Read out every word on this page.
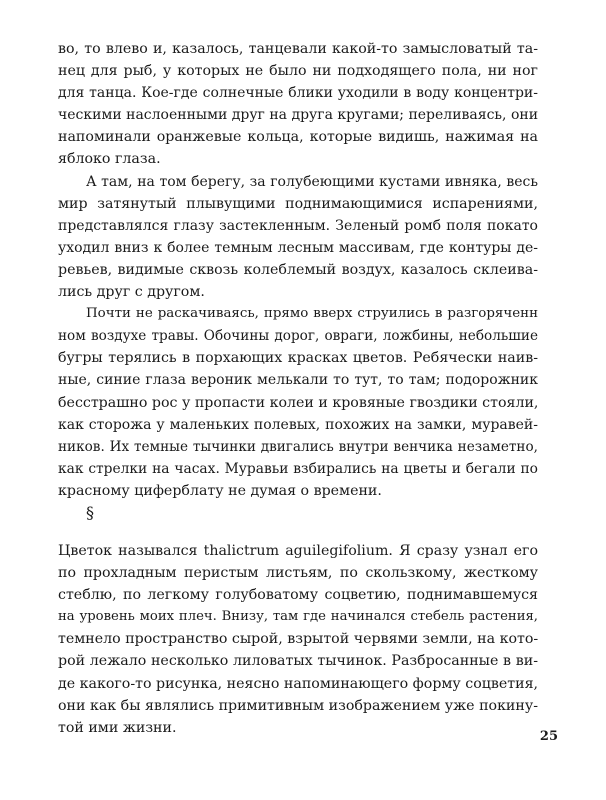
во, то влево и, казалось, танцевали какой-то замысловатый та-
нец для рыб, у которых не было ни подходящего пола, ни ног
для танца. Кое-где солнечные блики уходили в воду концентри-
ческими наслоенными друг на друга кругами; переливаясь, они
напоминали оранжевые кольца, которые видишь, нажимая на
яблоко глаза.
А там, на том берегу, за голубеющими кустами ивняка, весь
мир затянутый плывущими поднимающимися испарениями,
представлялся глазу застекленным. Зеленый ромб поля покато
уходил вниз к более темным лесным массивам, где контуры де-
ревьев, видимые сквозь колеблемый воздух, казалось склеива-
лись друг с другом.
Почти не раскачиваясь, прямо вверх струились в разгоряченн
ном воздухе травы. Обочины дорог, овраги, ложбины, небольшие
бугры терялись в порхающих красках цветов. Ребячески наив-
ные, синие глаза вероник мелькали то тут, то там; подорожник
бесстрашно рос у пропасти колеи и кровяные гвоздики стояли,
как сторожа у маленьких полевых, похожих на замки, муравей-
ников. Их темные тычинки двигались внутри венчика незаметно,
как стрелки на часах. Муравьи взбирались на цветы и бегали по
красному циферблату не думая о времени.
§
Цветок назывался thalictrum aguilegifolium. Я сразу узнал его
по прохладным перистым листьям, по скользкому, жесткому
стеблю, по легкому голубоватому соцветию, поднимавшемуся
на уровень моих плеч. Внизу, там где начинался стебель растения,
темнело пространство сырой, взрытой червями земли, на кото-
рой лежало несколько лиловатых тычинок. Разбросанные в ви-
де какого-то рисунка, неясно напоминающего форму соцветия,
они как бы являлись примитивным изображением уже покину-
той ими жизни.
25
